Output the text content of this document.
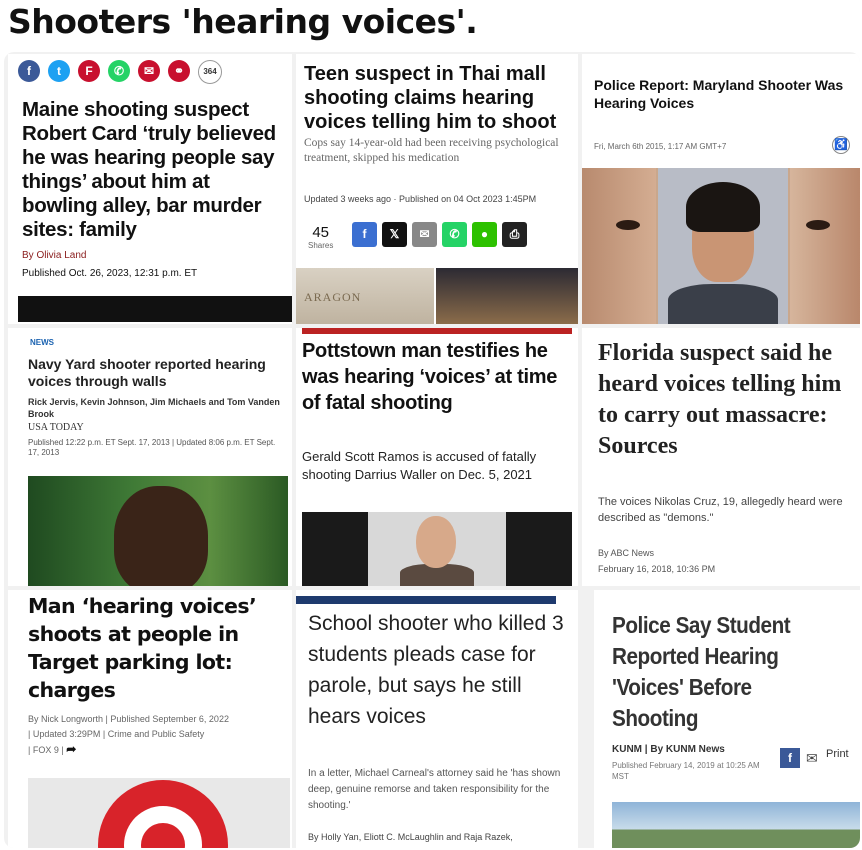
Shooters 'hearing voices'.
f	t	F	✆	✉	⚭	364
Maine shooting suspect Robert Card ‘truly believed he was hearing people say things’ about him at bowling alley, bar murder sites: family
By Olivia Land
Published Oct. 26, 2023, 12:31 p.m. ET
Teen suspect in Thai mall shooting claims hearing voices telling him to shoot
Cops say 14-year-old had been receiving psychological treatment, skipped his medication
Updated 3 weeks ago · Published on 04 Oct 2023 1:45PM
45
Shares
f	𝕏	✉	✆	●	⎙
ARAGON
Police Report: Maryland Shooter Was Hearing Voices
Fri, March 6th 2015, 1:17 AM GMT+7	♿
NEWS
Navy Yard shooter reported hearing voices through walls
Rick Jervis, Kevin Johnson, Jim Michaels and Tom Vanden Brook
USA TODAY
Published 12:22 p.m. ET Sept. 17, 2013 | Updated 8:06 p.m. ET Sept. 17, 2013
Pottstown man testifies he was hearing ‘voices’ at time of fatal shooting
Gerald Scott Ramos is accused of fatally shooting Darrius Waller on Dec. 5, 2021
Florida suspect said he heard voices telling him to carry out massacre: Sources
The voices Nikolas Cruz, 19, allegedly heard were described as "demons."
By ABC News
February 16, 2018, 10:36 PM
Man ‘hearing voices’ shoots at people in Target parking lot: charges
By Nick Longworth | Published September 6, 2022
| Updated 3:29PM | Crime and Public Safety
| FOX 9 | ➦
School shooter who killed 3 students pleads case for parole, but says he still hears voices
In a letter, Michael Carneal's attorney said he 'has shown deep, genuine remorse and taken responsibility for the shooting.'
By Holly Yan, Eliott C. McLaughlin and Raja Razek,
Police Say Student Reported Hearing 'Voices' Before Shooting
KUNM | By KUNM News
Published February 14, 2019 at 10:25 AM MST
f	✉ Print
